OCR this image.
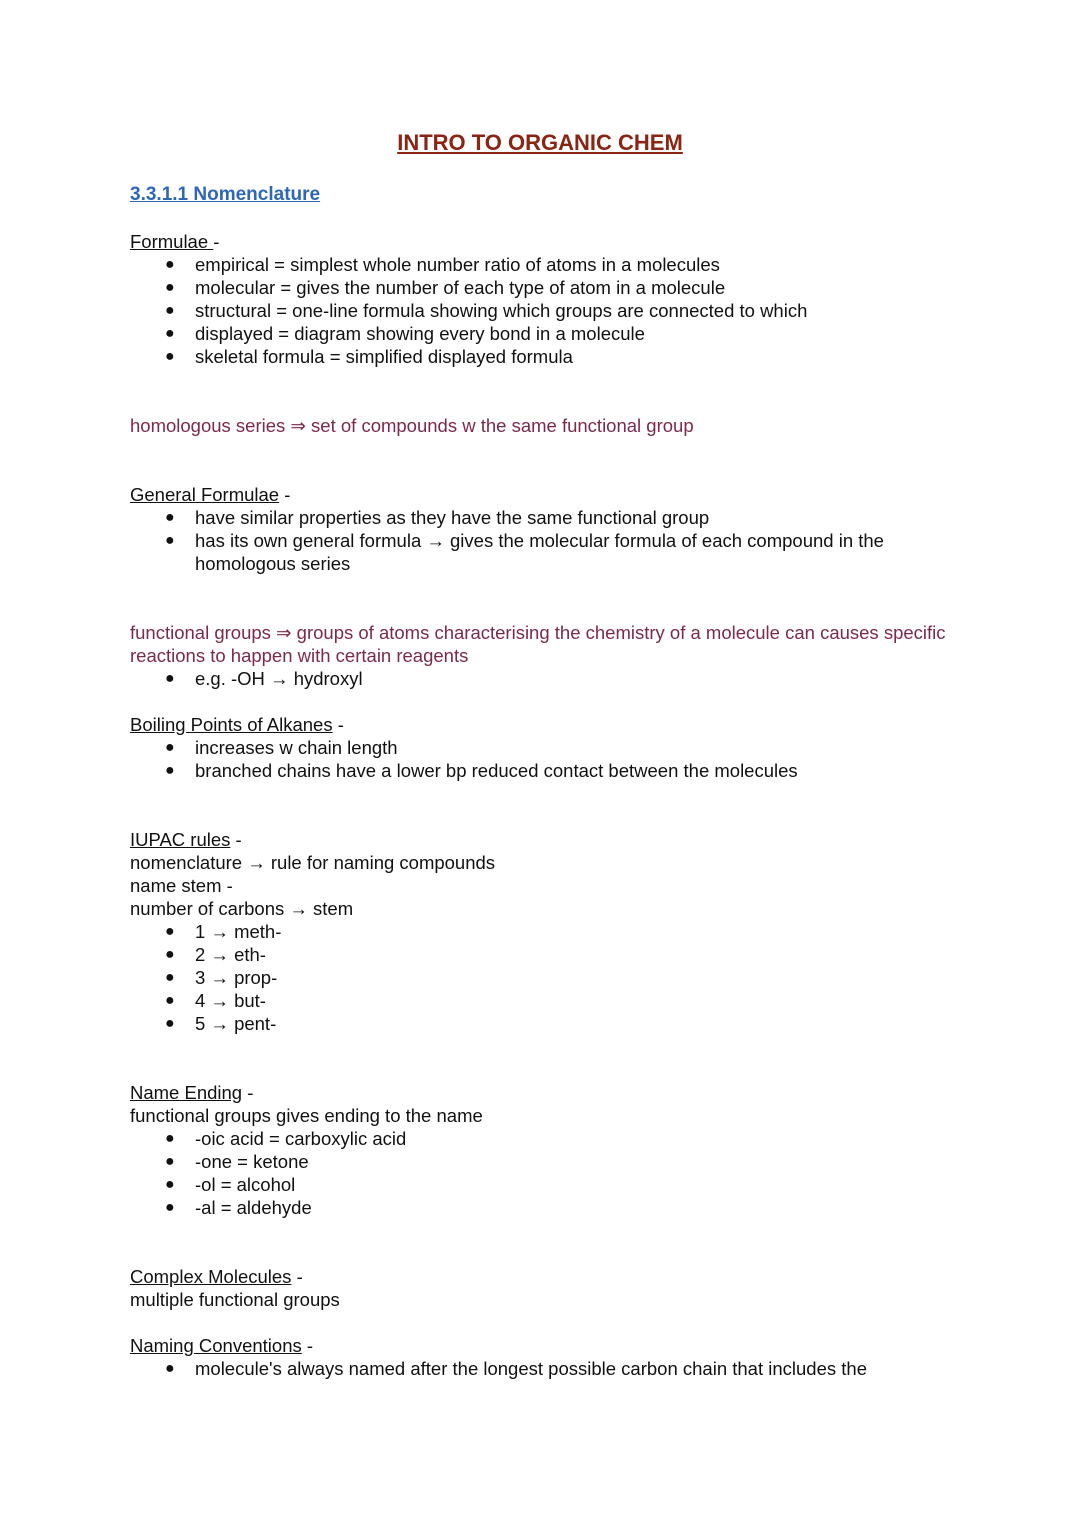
INTRO TO ORGANIC CHEM
3.3.1.1 Nomenclature
Formulae -
● empirical = simplest whole number ratio of atoms in a molecules
● molecular = gives the number of each type of atom in a molecule
● structural = one-line formula showing which groups are connected to which
● displayed = diagram showing every bond in a molecule
● skeletal formula = simplified displayed formula
homologous series ⇒ set of compounds w the same functional group
General Formulae -
● have similar properties as they have the same functional group
● has its own general formula → gives the molecular formula of each compound in the homologous series
functional groups ⇒ groups of atoms characterising the chemistry of a molecule can causes specific reactions to happen with certain reagents
● e.g. -OH → hydroxyl
Boiling Points of Alkanes -
● increases w chain length
● branched chains have a lower bp reduced contact between the molecules
IUPAC rules -
nomenclature → rule for naming compounds
name stem -
number of carbons → stem
● 1 → meth-
● 2 → eth-
● 3 → prop-
● 4 → but-
● 5 → pent-
Name Ending -
functional groups gives ending to the name
● -oic acid = carboxylic acid
● -one = ketone
● -ol = alcohol
● -al = aldehyde
Complex Molecules -
multiple functional groups
Naming Conventions -
● molecule's always named after the longest possible carbon chain that includes the
